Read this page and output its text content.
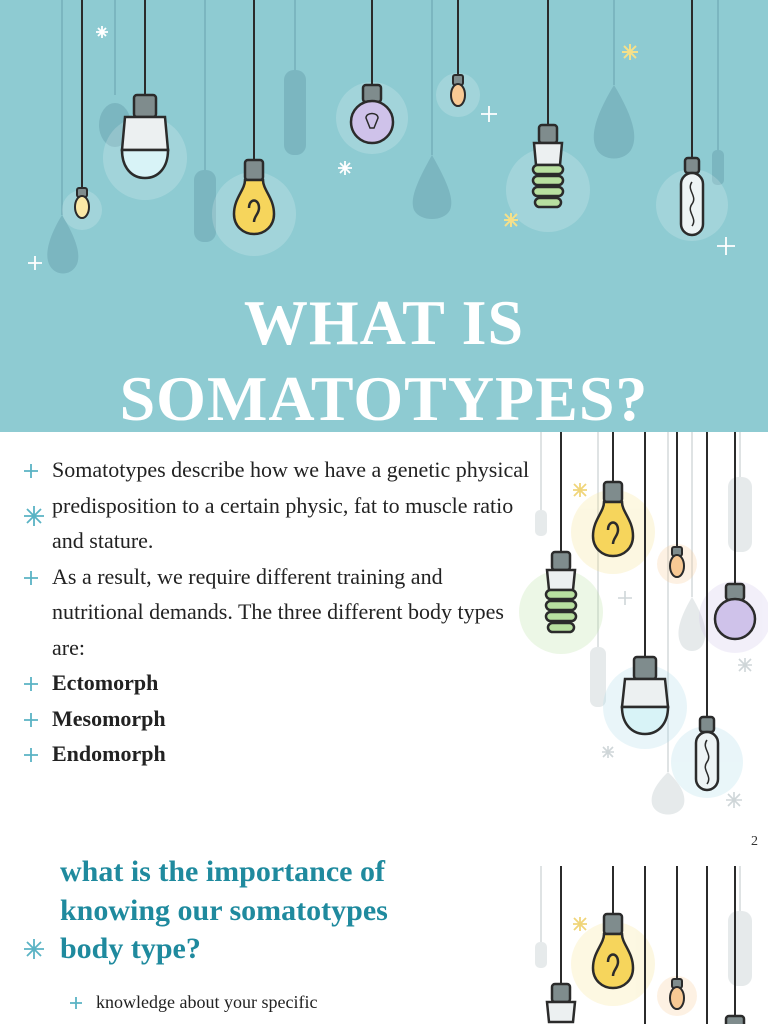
WHAT IS
SOMATOTYPES?
Somatotypes describe how we have a genetic physical predisposition to a certain physic, fat to muscle ratio and stature.
As a result, we require different training and nutritional demands. The three different body types are:
Ectomorph
Mesomorph
Endomorph
2
what is the importance of
knowing our somatotypes
body type?
knowledge about your specific
